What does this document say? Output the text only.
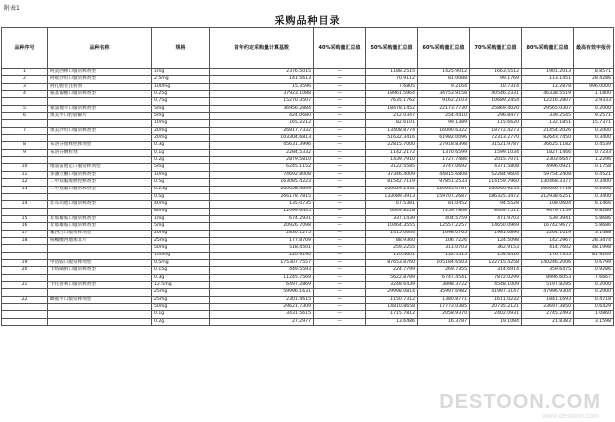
附表1
采购品种目录
品种序号	品种名称	规格	首年约定采购量计算基数	40%采购量汇总值	50%采购量汇总值	60%采购量汇总值	70%采购量汇总值	80%采购量汇总值	最高有效申报价
1	阿莫西林口服常释剂型	1mg	2376.5015	—	1188.2515	1425.9012	1663.5512	1901.2013	8.8571
2	阿吡沙坦口服常释剂型	2.5mg	141.5613	—	70.9112	81.0088	99.1769	113.1451	28.4286
3	阿扎胞苷注射剂	100mg	15.3596	—	7.6805	9.2164	10.7314	12.2878	996.0000
4	氨基葡糖口服常释剂型	0.25g	37923.1088	—	18961.5964	34753.9158	40546.2331	46338.5519	1.1800
		0.75g	15270.3507	—	7635.1762	9162.2103	10689.2454	12216.2807	2.9333
5	氨氯地平口服常释剂型	5mg	36956.2884	—	18478.1452	22173.7730	25869.4020	29565.0307	0.2000
6	奥美平口腔崩解片	5mg	424.0680	—	212.0347	254.4410	296.8477	339.2545	9.2571
		10mg	165.2212	—	82.6101	99.1389	115.6620	132.1851	15.7371
7	奥美沙坦口服常释剂型	20mg	26817.7332	—	13408.8774	16090.6322	18772.4273	21454.2026	0.2000
		20mg	103304.6813	—	51632.3416	61982.0096	72313.2770	82643.7450	0.3400
8	布洛芬缓释控释剂型	0.3g	45631.3996	—	22815.7000	27918.8398	31521.9787	36625.1182	0.4539
9	布洛芬颗粒剂	0.1g	2284.5332	—	1142.2172	1370.6599	1599.1034	1827.1466	0.7233
		0.2g	2879.5810	—	1439.7910	1727.7486	2015.7071	2303.6647	1.2296
10	地氯雷他定口服常释剂型	5mg	6245.1152	—	3122.5585	3747.0692	4371.5808	4996.0921	0.1758
11	多潘立酮口服常释剂型	10mg	74692.8008	—	37346.4009	44815.6808	52284.9604	59754.2408	0.4521
12	二甲双胍缓释控释剂型	0.5g	163085.4223	—	81542.7119	97851.2533	114159.7960	130468.3377	0.3400
13	二甲双胍口服常释剂型	0.25g	200058.4649	—	100029.2332	120035.0787	140040.9253	160046.7718	0.2000
		0.5g	266178.7815	—	133089.3913	159707.2687	186325.3472	212938.6251	0.3400
14	非布司他口服常释剂型	40mg	135.0735	—	67.5381	81.0452	94.5528	108.0604	6.1466
		80mg	12099.6445	—	6049.8228	7259.7868	8469.7511	9679.7159	6.8286
15	非那雄胺口服常释剂型	1mg	674.2931	—	337.1439	404.5759	471.9703	539.3941	5.8686
16	非那雄胺口服常释剂型	5mg	20926.7098	—	10464.3555	12557.2257	14650.0969	16742.9677	5.8686
17	氟西汀口服常释剂型	20mg	2830.1275	—	1415.0644	1698.0765	1981.0894	2264.1019	3.1488
18	枸橼酸西地那非片	25mg	177.8709	—	88.9360	106.7226	124.5098	142.2967	28.3474
		50mg	518.4501	—	259.2255	311.0703	362.9153	414.7602	48.1998
		100mg	220.9190	—	110.4601	132.5515	154.6416	176.7355	81.9240
19	甲钴胺口服常释剂型	0.5mg	175307.7557	—	87653.8760	105184.6503	122715.4258	140246.2006	0.6799
20	卡络磺钠口服常释剂型	0.15g	449.5593	—	224.7799	269.7355	314.6914	359.6475	0.9286
		0.3g	11245.7569	—	5622.8789	6747.4541	7872.0299	8996.6053	7.6667
21	卡托普利口服常释剂型	12.5mg	6497.2869	—	3248.6439	3898.3722	4548.1009	5197.8295	0.2000
		25mg	59996.1631	—	29998.0814	35997.6982	41997.3147	47996.9304	0.2000
22	雌福平口服常释剂型	25mg	2301.4615	—	1150.7312	1380.8771	1611.0232	1841.1693	0.4718
		50mg	29621.7309	—	14810.8658	17773.0385	20735.2121	23697.3850	0.6429
		0.1g	3431.5615	—	1715.7812	2058.9370	2402.0931	2745.2493	1.0860
		0.2g	27.2977	—	13.6486	16.3787	19.1084	21.8383	3.1598
DESTOON.COM
www.destoon.com
